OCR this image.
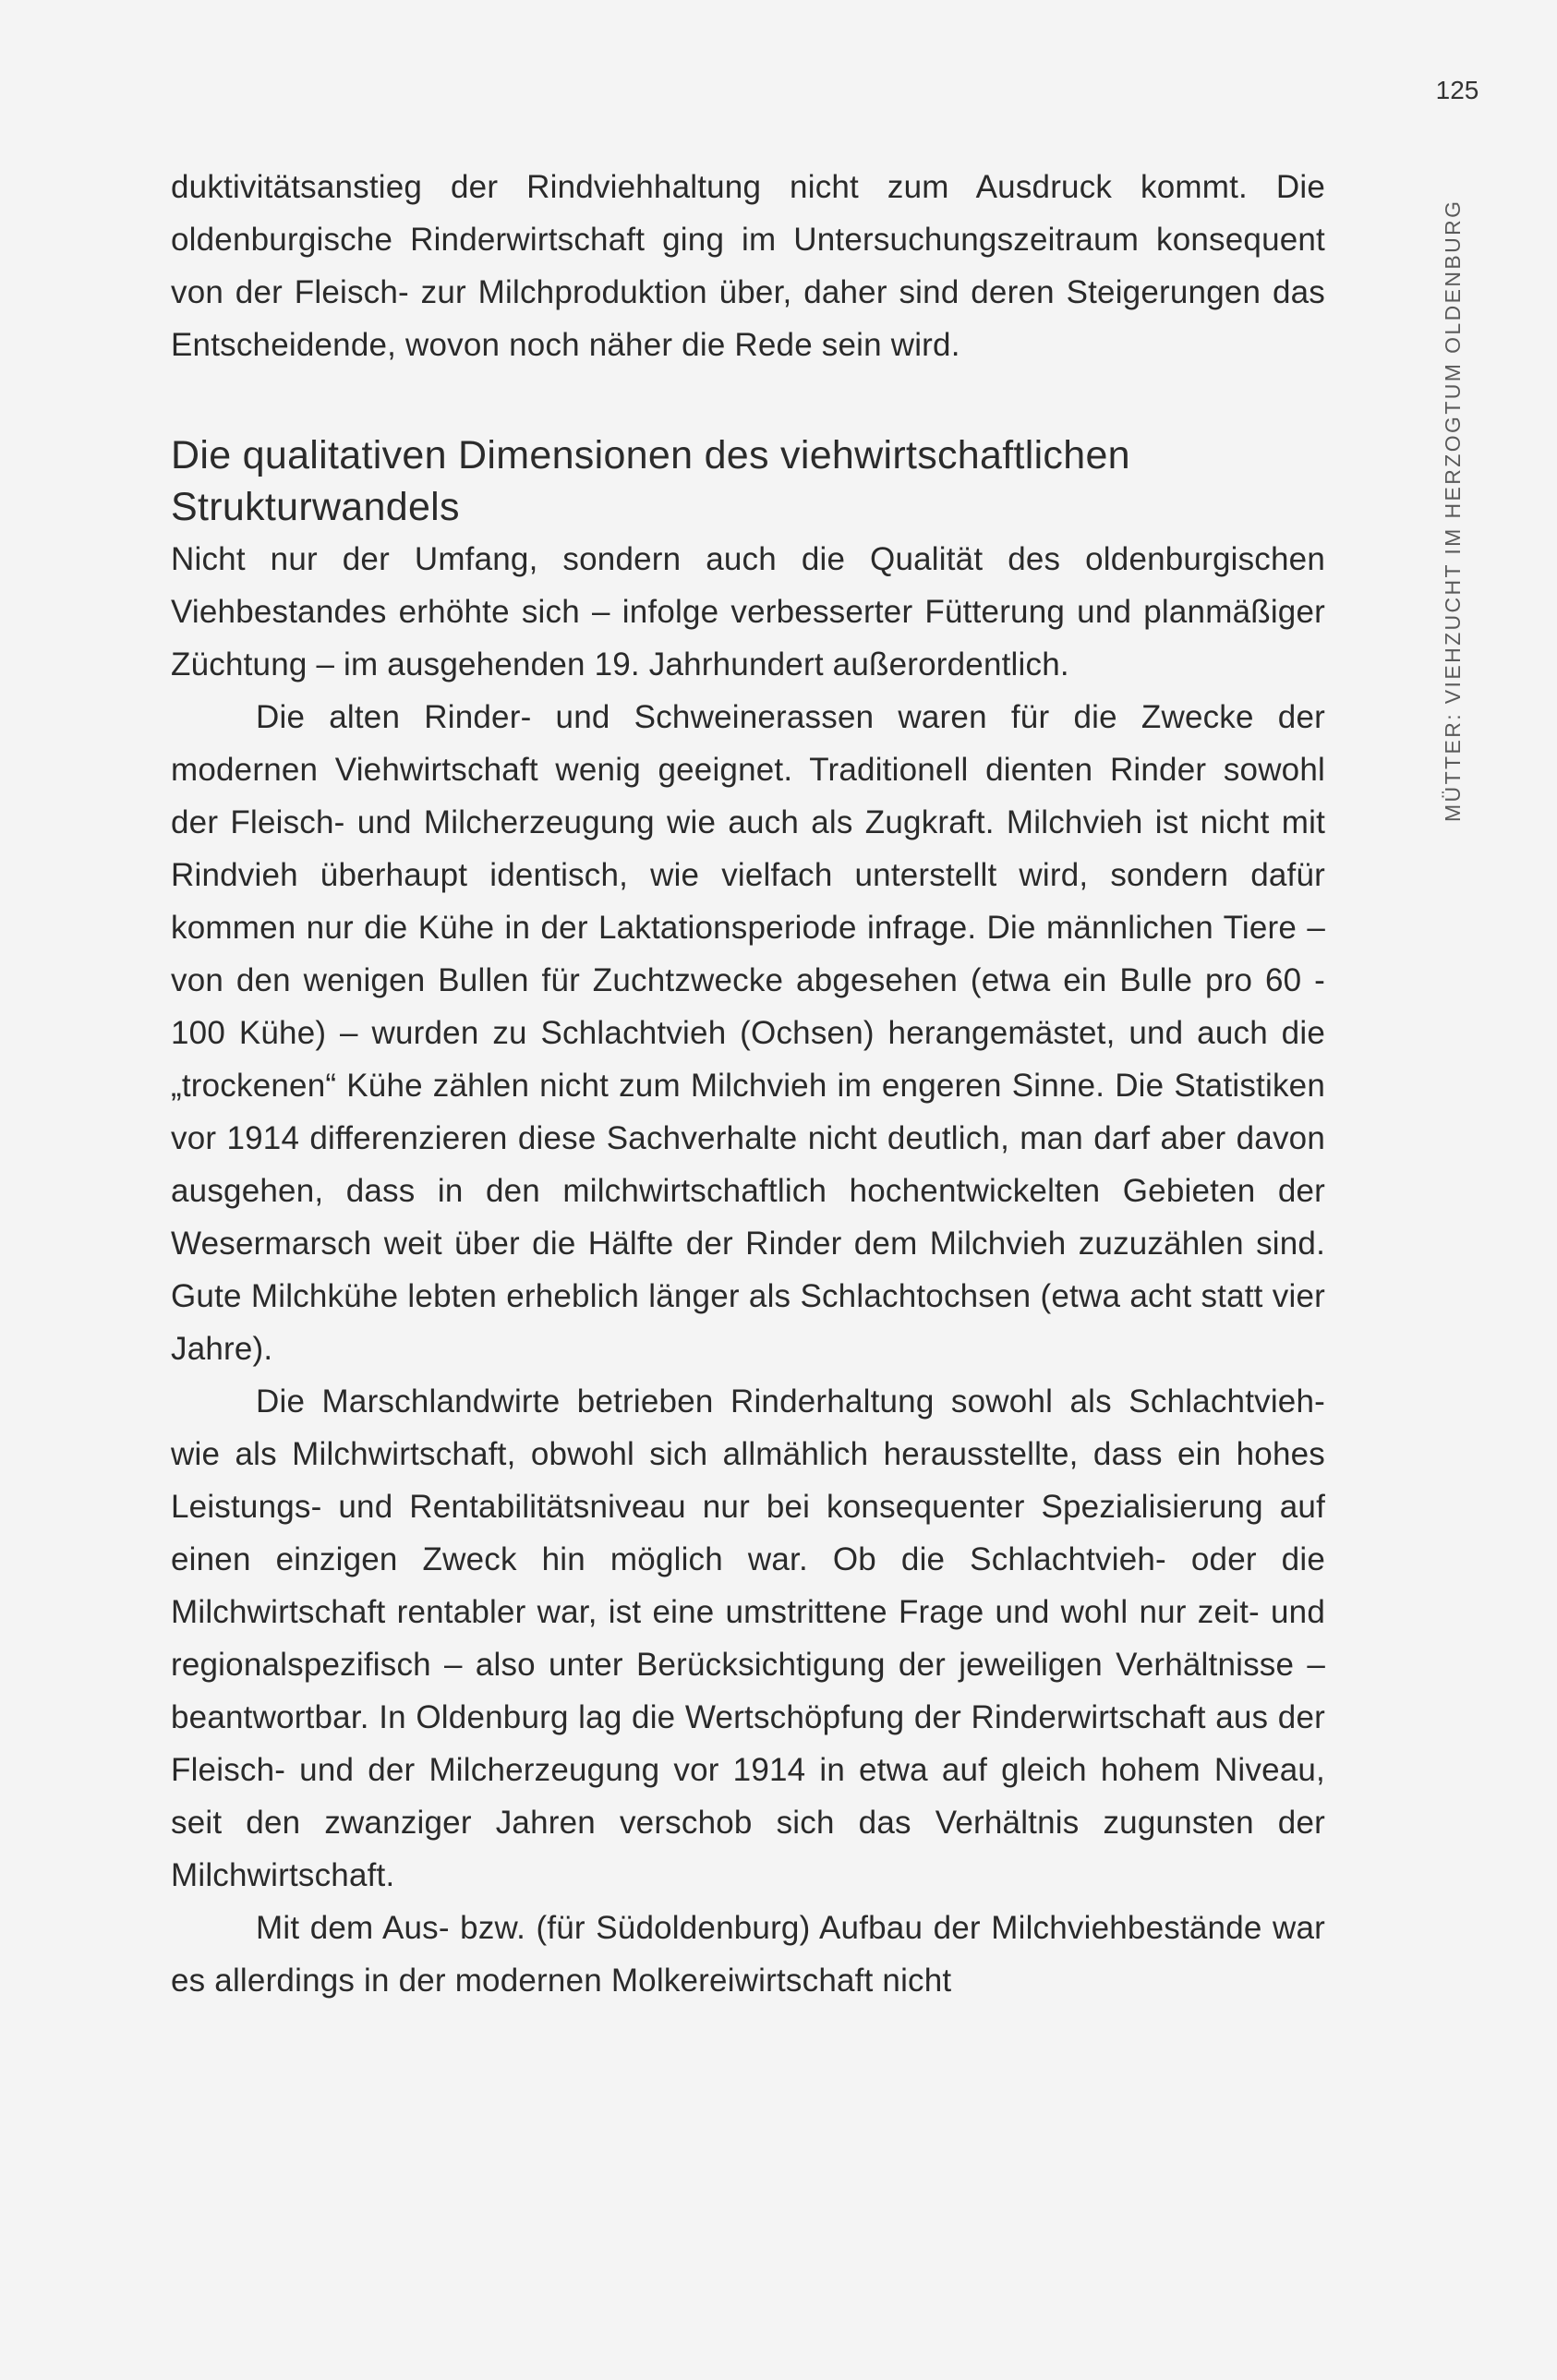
125
MÜTTER: VIEHZUCHT IM HERZOGTUM OLDENBURG

duktivitätsanstieg der Rindviehhaltung nicht zum Ausdruck kommt. Die oldenburgische Rinderwirtschaft ging im Untersuchungszeitraum konsequent von der Fleisch- zur Milchproduktion über, daher sind deren Steigerungen das Entscheidende, wovon noch näher die Rede sein wird.

Die qualitativen Dimensionen des viehwirtschaftlichen Strukturwandels

Nicht nur der Umfang, sondern auch die Qualität des oldenburgischen Viehbestandes erhöhte sich – infolge verbesserter Fütterung und planmäßiger Züchtung – im ausgehenden 19. Jahrhundert außerordentlich.

Die alten Rinder- und Schweinerassen waren für die Zwecke der modernen Viehwirtschaft wenig geeignet. Traditionell dienten Rinder sowohl der Fleisch- und Milcherzeugung wie auch als Zugkraft. Milchvieh ist nicht mit Rindvieh überhaupt identisch, wie vielfach unterstellt wird, sondern dafür kommen nur die Kühe in der Laktationsperiode infrage. Die männlichen Tiere – von den wenigen Bullen für Zuchtzwecke abgesehen (etwa ein Bulle pro 60 - 100 Kühe) – wurden zu Schlachtvieh (Ochsen) herangemästet, und auch die „trockenen“ Kühe zählen nicht zum Milchvieh im engeren Sinne. Die Statistiken vor 1914 differenzieren diese Sachverhalte nicht deutlich, man darf aber davon ausgehen, dass in den milchwirtschaftlich hochentwickelten Gebieten der Wesermarsch weit über die Hälfte der Rinder dem Milchvieh zuzuzählen sind. Gute Milchkühe lebten erheblich länger als Schlachtochsen (etwa acht statt vier Jahre).

Die Marschlandwirte betrieben Rinderhaltung sowohl als Schlachtvieh- wie als Milchwirtschaft, obwohl sich allmählich herausstellte, dass ein hohes Leistungs- und Rentabilitätsniveau nur bei konsequenter Spezialisierung auf einen einzigen Zweck hin möglich war. Ob die Schlachtvieh- oder die Milchwirtschaft rentabler war, ist eine umstrittene Frage und wohl nur zeit- und regionalspezifisch – also unter Berücksichtigung der jeweiligen Verhältnisse – beantwortbar. In Oldenburg lag die Wertschöpfung der Rinderwirtschaft aus der Fleisch- und der Milcherzeugung vor 1914 in etwa auf gleich hohem Niveau, seit den zwanziger Jahren verschob sich das Verhältnis zugunsten der Milchwirtschaft.

Mit dem Aus- bzw. (für Südoldenburg) Aufbau der Milchviehbestände war es allerdings in der modernen Molkereiwirtschaft nicht
